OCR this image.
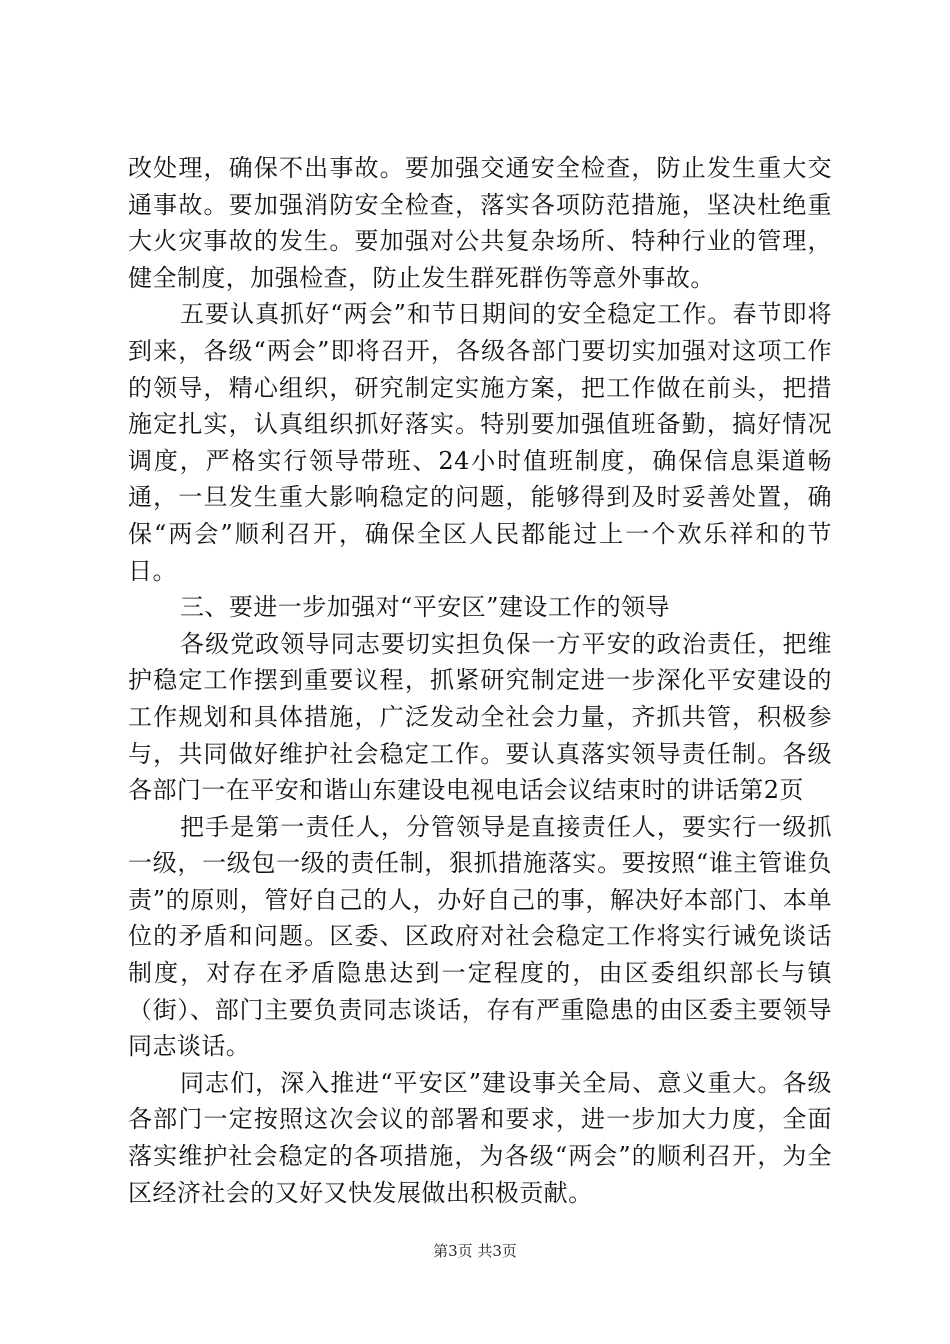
改处理，确保不出事故。要加强交通安全检查，防止发生重大交通事故。要加强消防安全检查，落实各项防范措施，坚决杜绝重大火灾事故的发生。要加强对公共复杂场所、特种行业的管理，健全制度，加强检查，防止发生群死群伤等意外事故。

五要认真抓好“两会”和节日期间的安全稳定工作。春节即将到来，各级“两会”即将召开，各级各部门要切实加强对这项工作的领导，精心组织，研究制定实施方案，把工作做在前头，把措施定扎实，认真组织抓好落实。特别要加强值班备勤，搞好情况调度，严格实行领导带班、24小时值班制度，确保信息渠道畅通，一旦发生重大影响稳定的问题，能够得到及时妥善处置，确保“两会”顺利召开，确保全区人民都能过上一个欢乐祥和的节日。

三、要进一步加强对“平安区”建设工作的领导

各级党政领导同志要切实担负保一方平安的政治责任，把维护稳定工作摆到重要议程，抓紧研究制定进一步深化平安建设的工作规划和具体措施，广泛发动全社会力量，齐抓共管，积极参与，共同做好维护社会稳定工作。要认真落实领导责任制。各级各部门一在平安和谐山东建设电视电话会议结束时的讲话第2页

把手是第一责任人，分管领导是直接责任人，要实行一级抓一级，一级包一级的责任制，狠抓措施落实。要按照“谁主管谁负责”的原则，管好自己的人，办好自己的事，解决好本部门、本单位的矛盾和问题。区委、区政府对社会稳定工作将实行诫免谈话制度，对存在矛盾隐患达到一定程度的，由区委组织部长与镇（街）、部门主要负责同志谈话，存有严重隐患的由区委主要领导同志谈话。

同志们，深入推进“平安区”建设事关全局、意义重大。各级各部门一定按照这次会议的部署和要求，进一步加大力度，全面落实维护社会稳定的各项措施，为各级“两会”的顺利召开，为全区经济社会的又好又快发展做出积极贡献。

第3页 共3页
